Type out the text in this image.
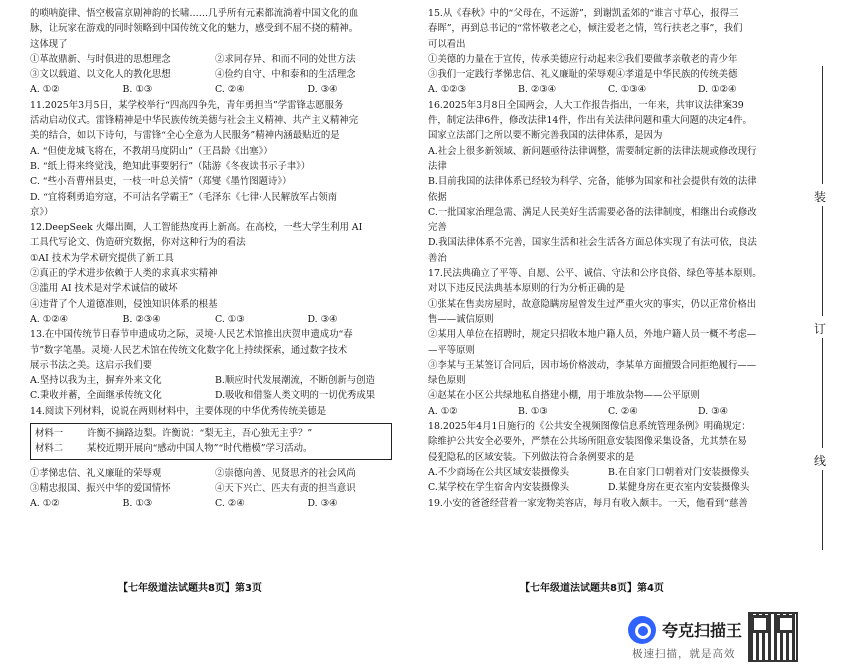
的唢呐旋律、悟空极富京剧神韵的长啸……几乎所有元素都流淌着中国文化的血

脉，让玩家在游戏的同时领略到中国传统文化的魅力，感受到不屈不挠的精神。

这体现了

①革故鼎新、与时俱进的思想理念	②求同存异、和而不同的处世方法
③文以载道、以文化人的教化思想	④俭约自守、中和泰和的生活理念
A. ①②	B. ①③	C. ②④	D. ③④

11.2025年3月5日，某学校举行“四高四争先，青年勇担当”学雷锋志愿服务

活动启动仪式。雷锋精神是中华民族传统美德与社会主义精神、共产主义精神完

美的结合，如以下诗句，与雷锋“全心全意为人民服务”精神内涵最贴近的是

A. “但使龙城飞将在，不教胡马度阴山”（王昌龄《出塞》）

B. “纸上得来终觉浅，绝知此事要躬行”（陆游《冬夜读书示子聿》）

C. “些小吾曹州县吏，一枝一叶总关情”（郑燮《墨竹图题诗》）

D. “宜将剩勇追穷寇，不可沽名学霸王”（毛泽东《七律·人民解放军占领南

京》）

12.DeepSeek 火爆出圈，人工智能热度再上新高。在高校，一些大学生利用 AI

工具代写论文、伪造研究数据，你对这种行为的看法

①AI 技术为学术研究提供了新工具

②真正的学术进步依赖于人类的求真求实精神

③滥用 AI 技术是对学术诚信的破坏

④违背了个人道德准则，侵蚀知识体系的根基

A. ①②④	B. ②③④	C. ①③	D. ③④

13.在中国传统节日春节申遗成功之际，灵境·人民艺术馆推出庆贺申遗成功“春

节”数字笔墨。灵境·人民艺术馆在传统文化数字化上持续探索，通过数字技术

展示书法之美。这启示我们要

A.坚持以我为主，摒弃外来文化	B.顺应时代发展潮流，不断创新与创造
C.秉收并蓄，全面继承传统文化	D.吸收和借鉴人类文明的一切优秀成果

14.阅读下列材料，说说在两则材料中，主要体现的中华优秀传统美德是

材料一	许衡不摘路边梨。许衡说：“梨无主，吾心独无主乎？”
材料二	某校近期开展向“感动中国人物”“时代楷模”学习活动。
①孝悌忠信、礼义廉耻的荣辱观	②崇德向善、见贤思齐的社会风尚
③精忠报国、振兴中华的爱国情怀	④天下兴亡、匹夫有责的担当意识
A. ①②	B. ①③	C. ②④	D. ③④
【七年级道法试题共8页】第3页

15.从《春秋》中的“父母在，不远游”，到谢凯孟郊的“谁言寸草心，报得三

春晖”，再到总书记的“常怀敬老之心，倾注爱老之情，笃行扶老之事”，我们

可以看出

①美德的力量在于宣传，传承美德应行动起来 ②我们要做孝亲敬老的青少年
③我们一定践行孝悌忠信、礼义廉耻的荣辱观 ④孝道是中华民族的传统美德
A. ①②③	B. ②③④	C. ①③④	D. ①②④

16.2025年3月8日全国两会，人大工作报告指出，一年来，共审议法律案39

件，制定法律6件，修改法律14件，作出有关法律问题和重大问题的决定4件。

国家立法部门之所以要不断完善我国的法律体系，是因为

A.社会上很多新领域、新问题亟待法律调整，需要制定新的法律法规或修改现行

法律

B.目前我国的法律体系已经较为科学、完备，能够为国家和社会提供有效的法律

依据

C.一批国家治理急需、满足人民美好生活需要必备的法律制度，相继出台或修改

完善

D.我国法律体系不完善，国家生活和社会生活各方面总体实现了有法可依，良法

善治

17.民法典确立了平等、自愿、公平、诚信、守法和公序良俗、绿色等基本原则。

对以下违反民法典基本原则的行为分析正确的是

①张某在售卖房屋时，故意隐瞒房屋曾发生过严重火灾的事实，仍以正常价格出

售——诚信原则

②某用人单位在招聘时，规定只招收本地户籍人员，外地户籍人员一概不考虑—

—平等原则

③李某与王某签订合同后，因市场价格波动，李某单方面擅毁合同拒绝履行——

绿色原则

④赵某在小区公共绿地私自搭建小棚，用于堆放杂物——公平原则

A. ①②	B. ①③	C. ②④	D. ③④

18.2025年4月1日施行的《公共安全视频图像信息系统管理条例》明确规定：

除维护公共安全必要外，严禁在公共场所阻意安装图像采集设备，尤其禁在易

侵犯隐私的区域安装。下列做法符合条例要求的是

A.不少商场在公共区域安装摄像头	B.在自家门口朝着对门安装摄像头
C.某学校在学生宿舍内安装摄像头	D.某健身房在更衣室内安装摄像头

19.小安的爸爸经营着一家宠物美容店，每月有收入颇丰。一天，他看到“慈善

【七年级道法试题共8页】第4页
装
订
线
夸克扫描王
极速扫描，就是高效
